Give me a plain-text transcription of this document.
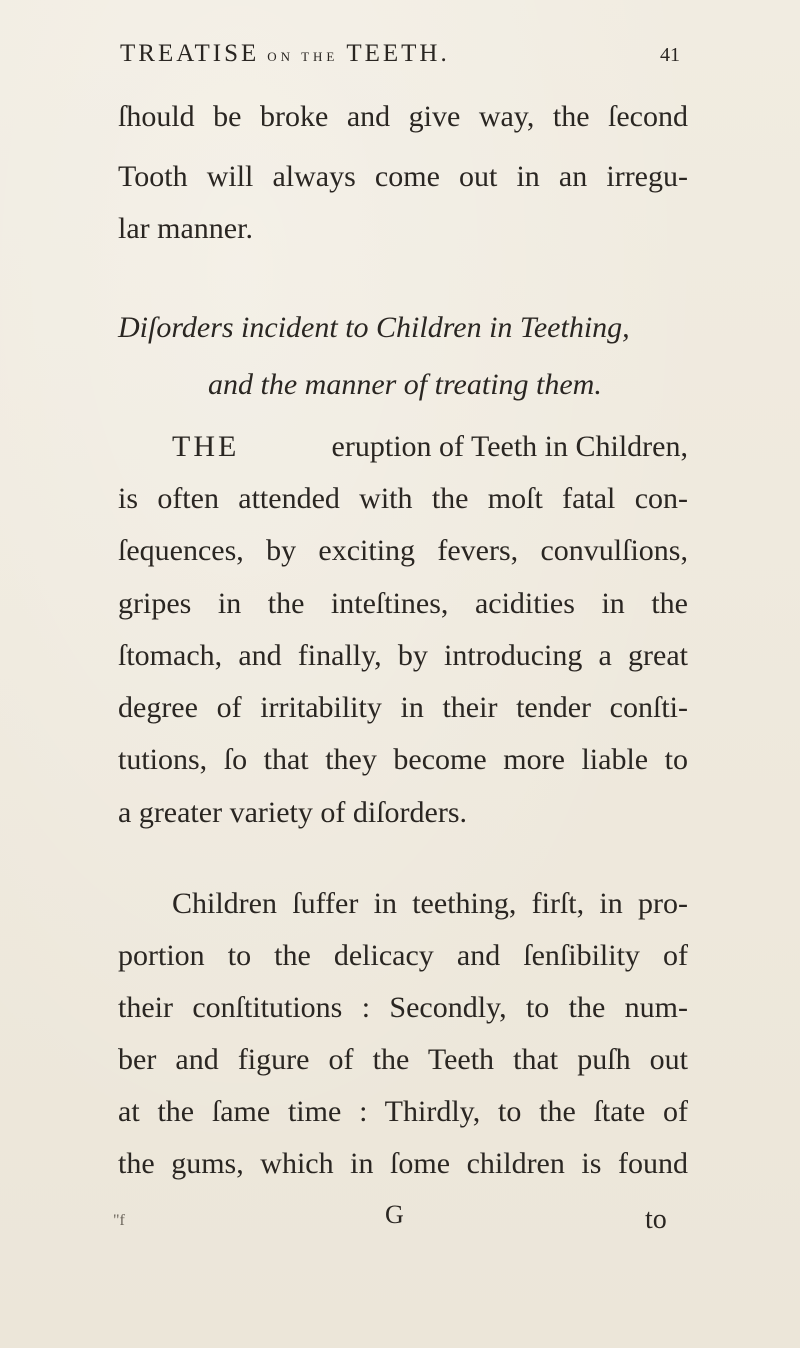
TREATISE ON THE TEETH.	41
ſhould be broke and give way, the ſecond
Tooth will always come out in an irregu-
lar manner.
Diſorders incident to Children in Teething,
and the manner of treating them.
THE	eruption of Teeth in Children,
is often attended with the moſt fatal con-
ſequences, by exciting fevers, convulſions,
gripes in the inteſtines, acidities in the
ſtomach, and finally, by introducing a great
degree of irritability in their tender conſti-
tutions, ſo that they become more liable to
a greater variety of diſorders.
Children ſuffer in teething, firſt, in pro-
portion to the delicacy and ſenſibility of
their conſtitutions : Secondly, to the num-
ber and figure of the Teeth that puſh out
at the ſame time : Thirdly, to the ſtate of
the gums, which in ſome children is found
"f	G	to
